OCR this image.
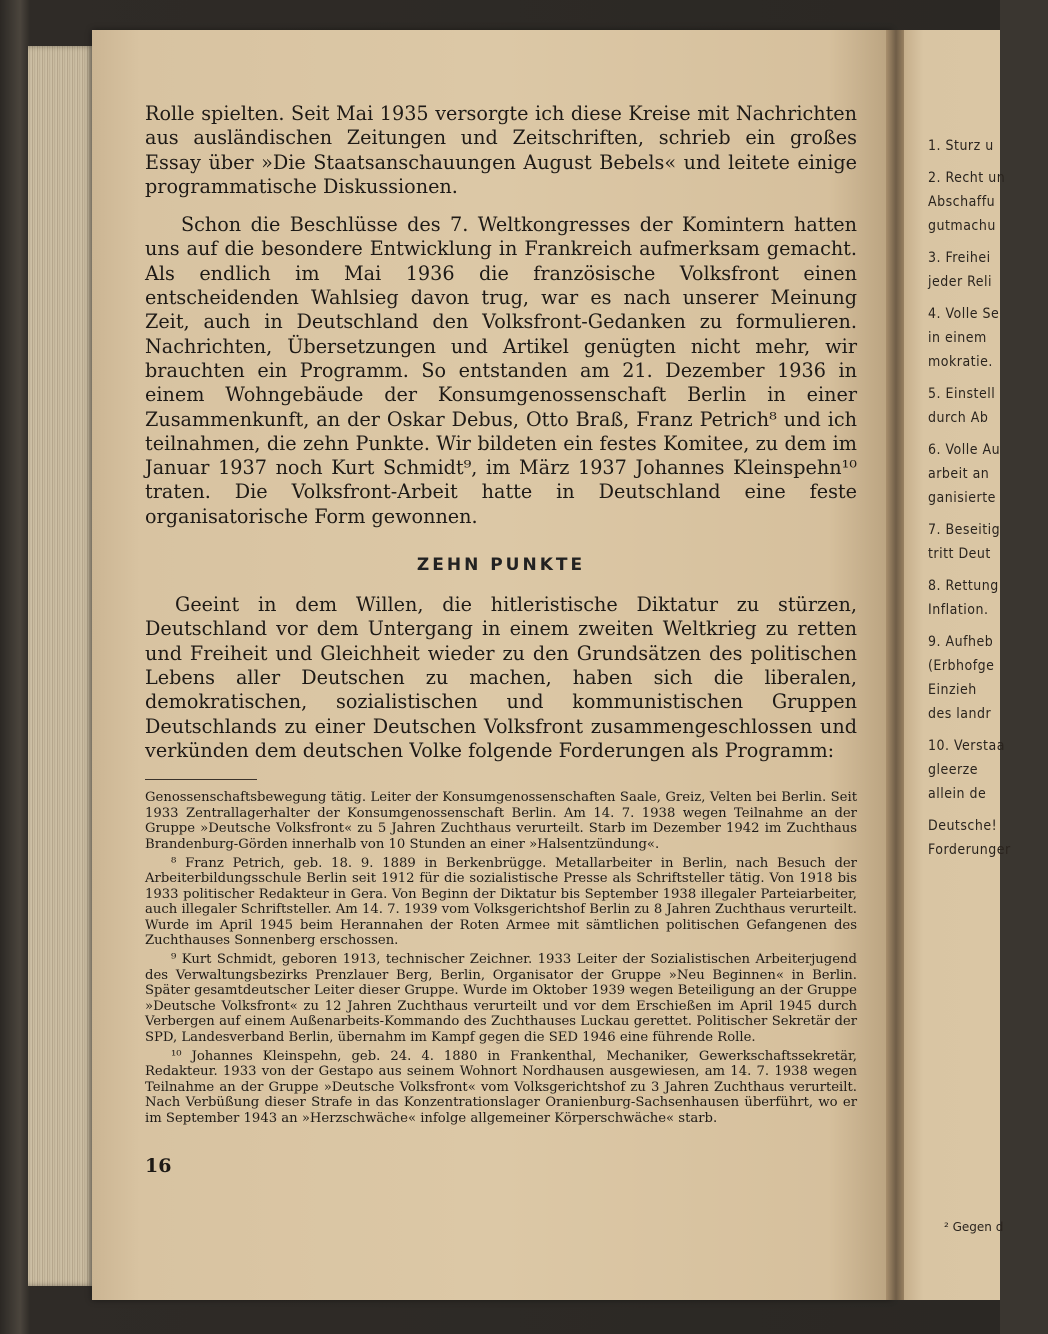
Rolle spielten. Seit Mai 1935 versorgte ich diese Kreise mit Nachrichten aus ausländischen Zeitungen und Zeitschriften, schrieb ein großes Essay über »Die Staatsanschauungen August Bebels« und leitete einige programmatische Diskussionen.

Schon die Beschlüsse des 7. Weltkongresses der Komintern hatten uns auf die besondere Entwicklung in Frankreich aufmerksam gemacht. Als endlich im Mai 1936 die französische Volksfront einen entscheidenden Wahlsieg davon trug, war es nach unserer Meinung Zeit, auch in Deutschland den Volksfront-Gedanken zu formulieren. Nachrichten, Übersetzungen und Artikel genügten nicht mehr, wir brauchten ein Programm. So entstanden am 21. Dezember 1936 in einem Wohngebäude der Konsumgenossenschaft Berlin in einer Zusammenkunft, an der Oskar Debus, Otto Braß, Franz Petrich⁸ und ich teilnahmen, die zehn Punkte. Wir bildeten ein festes Komitee, zu dem im Januar 1937 noch Kurt Schmidt⁹, im März 1937 Johannes Kleinspehn¹⁰ traten. Die Volksfront-Arbeit hatte in Deutschland eine feste organisatorische Form gewonnen.

ZEHN PUNKTE

Geeint in dem Willen, die hitleristische Diktatur zu stürzen, Deutschland vor dem Untergang in einem zweiten Weltkrieg zu retten und Freiheit und Gleichheit wieder zu den Grundsätzen des politischen Lebens aller Deutschen zu machen, haben sich die liberalen, demokratischen, sozialistischen und kommunistischen Gruppen Deutschlands zu einer Deutschen Volksfront zusammengeschlossen und verkünden dem deutschen Volke folgende Forderungen als Programm:

Genossenschaftsbewegung tätig. Leiter der Konsumgenossenschaften Saale, Greiz, Velten bei Berlin. Seit 1933 Zentrallagerhalter der Konsumgenossenschaft Berlin. Am 14. 7. 1938 wegen Teilnahme an der Gruppe »Deutsche Volksfront« zu 5 Jahren Zuchthaus verurteilt. Starb im Dezember 1942 im Zuchthaus Brandenburg-Görden innerhalb von 10 Stunden an einer »Halsentzündung«.

⁸ Franz Petrich, geb. 18. 9. 1889 in Berkenbrügge. Metallarbeiter in Berlin, nach Besuch der Arbeiterbildungsschule Berlin seit 1912 für die sozialistische Presse als Schriftsteller tätig. Von 1918 bis 1933 politischer Redakteur in Gera. Von Beginn der Diktatur bis September 1938 illegaler Parteiarbeiter, auch illegaler Schriftsteller. Am 14. 7. 1939 vom Volksgerichtshof Berlin zu 8 Jahren Zuchthaus verurteilt. Wurde im April 1945 beim Herannahen der Roten Armee mit sämtlichen politischen Gefangenen des Zuchthauses Sonnenberg erschossen.

⁹ Kurt Schmidt, geboren 1913, technischer Zeichner. 1933 Leiter der Sozialistischen Arbeiterjugend des Verwaltungsbezirks Prenzlauer Berg, Berlin, Organisator der Gruppe »Neu Beginnen« in Berlin. Später gesamtdeutscher Leiter dieser Gruppe. Wurde im Oktober 1939 wegen Beteiligung an der Gruppe »Deutsche Volksfront« zu 12 Jahren Zuchthaus verurteilt und vor dem Erschießen im April 1945 durch Verbergen auf einem Außenarbeits-Kommando des Zuchthauses Luckau gerettet. Politischer Sekretär der SPD, Landesverband Berlin, übernahm im Kampf gegen die SED 1946 eine führende Rolle.

¹⁰ Johannes Kleinspehn, geb. 24. 4. 1880 in Frankenthal, Mechaniker, Gewerkschaftssekretär, Redakteur. 1933 von der Gestapo aus seinem Wohnort Nordhausen ausgewiesen, am 14. 7. 1938 wegen Teilnahme an der Gruppe »Deutsche Volksfront« vom Volksgerichtshof zu 3 Jahren Zuchthaus verurteilt. Nach Verbüßung dieser Strafe in das Konzentrationslager Oranienburg-Sachsenhausen überführt, wo er im September 1943 an »Herzschwäche« infolge allgemeiner Körperschwäche« starb.

16
1. Sturz u
2. Recht un
Abschaffu
gutmachu
3. Freihei
jeder Reli
4. Volle Se
in einem
mokratie.
5. Einstell
durch Ab
6. Volle Au
arbeit an
ganisierte
7. Beseitig
tritt Deut
8. Rettung
Inflation.
9. Aufheb
(Erbhofge
Einzieh
des landr
10. Verstaa
gleerze
allein de
Deutsche!
Forderunger
² Gegen d
